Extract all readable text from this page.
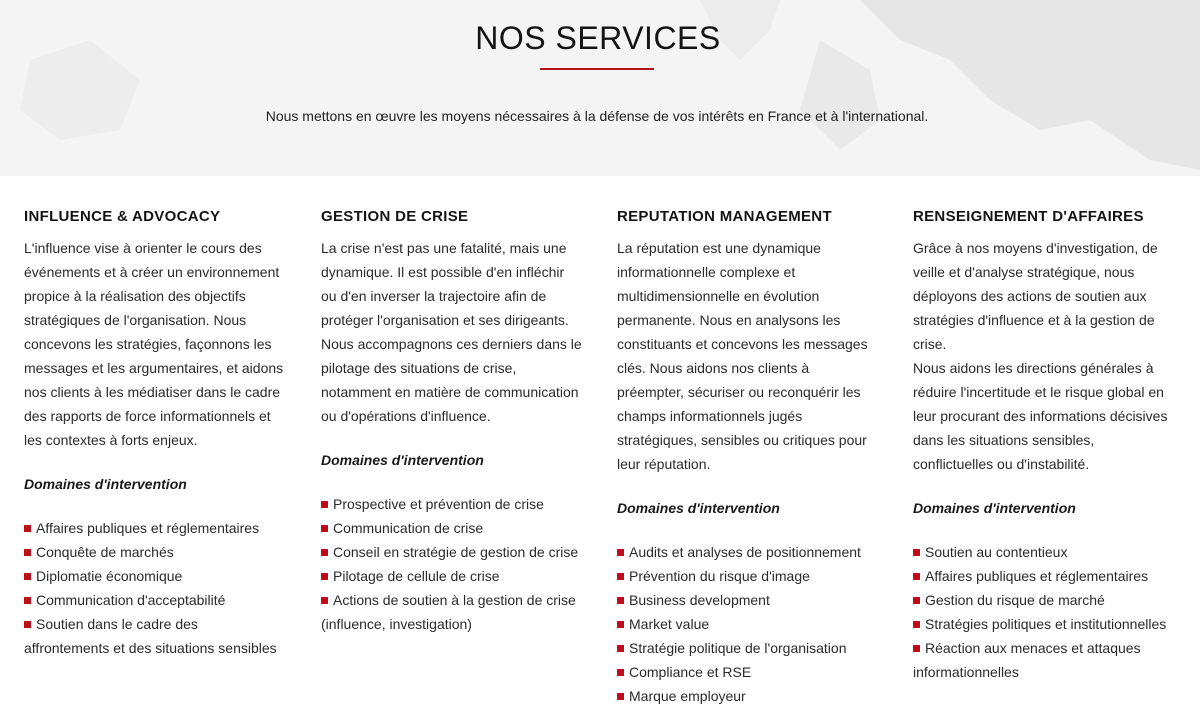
NOS SERVICES

Nous mettons en œuvre les moyens nécessaires à la défense de vos intérêts en France et à l'international.

INFLUENCE & ADVOCACY

L'influence vise à orienter le cours des événements et à créer un environnement propice à la réalisation des objectifs stratégiques de l'organisation. Nous concevons les stratégies, façonnons les messages et les argumentaires, et aidons nos clients à les médiatiser dans le cadre des rapports de force informationnels et les contextes à forts enjeux.

Domaines d'intervention
Affaires publiques et réglementaires
Conquête de marchés
Diplomatie économique
Communication d'acceptabilité
Soutien dans le cadre des affrontements et des situations sensibles
GESTION DE CRISE

La crise n'est pas une fatalité, mais une dynamique. Il est possible d'en infléchir ou d'en inverser la trajectoire afin de protéger l'organisation et ses dirigeants. Nous accompagnons ces derniers dans le pilotage des situations de crise, notamment en matière de communication ou d'opérations d'influence.

Domaines d'intervention
Prospective et prévention de crise
Communication de crise
Conseil en stratégie de gestion de crise
Pilotage de cellule de crise
Actions de soutien à la gestion de crise (influence, investigation)
REPUTATION MANAGEMENT

La réputation est une dynamique informationnelle complexe et multidimensionnelle en évolution permanente. Nous en analysons les constituants et concevons les messages clés. Nous aidons nos clients à préempter, sécuriser ou reconquérir les champs informationnels jugés stratégiques, sensibles ou critiques pour leur réputation.

Domaines d'intervention
Audits et analyses de positionnement
Prévention du risque d'image
Business development
Market value
Stratégie politique de l'organisation
Compliance et RSE
Marque employeur
RENSEIGNEMENT D'AFFAIRES

Grâce à nos moyens d'investigation, de veille et d'analyse stratégique, nous déployons des actions de soutien aux stratégies d'influence et à la gestion de crise.

Nous aidons les directions générales à réduire l'incertitude et le risque global en leur procurant des informations décisives dans les situations sensibles, conflictuelles ou d'instabilité.

Domaines d'intervention
Soutien au contentieux
Affaires publiques et réglementaires
Gestion du risque de marché
Stratégies politiques et institutionnelles
Réaction aux menaces et attaques informationnelles
